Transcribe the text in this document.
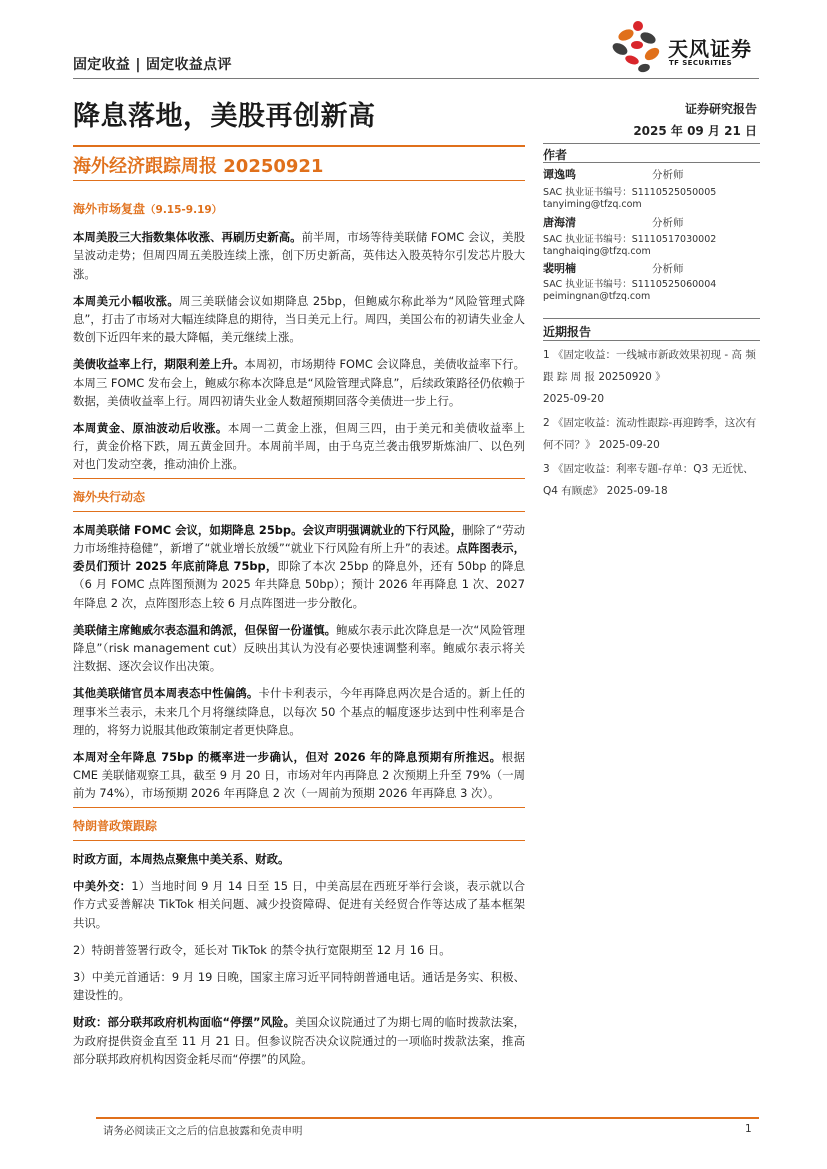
固定收益 | 固定收益点评
天风证券
TF SECURITIES
降息落地，美股再创新高
海外经济跟踪周报 20250921
证券研究报告
2025 年 09 月 21 日
作者
谭逸鸣	分析师
SAC 执业证书编号：S1110525050005
tanyiming@tfzq.com
唐海清	分析师
SAC 执业证书编号：S1110517030002
tanghaiqing@tfzq.com
裴明楠	分析师
SAC 执业证书编号：S1110525060004
peimingnan@tfzq.com
近期报告
1 《固定收益：一线城市新政效果初现 - 高 频 跟 踪 周 报 20250920 》
2025-09-20
2 《固定收益：流动性跟踪-再迎跨季，这次有何不同？》 2025-09-20
3 《固定收益：利率专题-存单：Q3 无近忧、Q4 有顾虑》 2025-09-18
海外市场复盘（9.15-9.19）

本周美股三大指数集体收涨、再刷历史新高。前半周，市场等待美联储 FOMC 会议，美股呈波动走势；但周四周五美股连续上涨，创下历史新高，英伟达入股英特尔引发芯片股大涨。

本周美元小幅收涨。周三美联储会议如期降息 25bp，但鲍威尔称此举为“风险管理式降息”，打击了市场对大幅连续降息的期待，当日美元上行。周四，美国公布的初请失业金人数创下近四年来的最大降幅，美元继续上涨。

美债收益率上行，期限利差上升。本周初，市场期待 FOMC 会议降息，美债收益率下行。本周三 FOMC 发布会上，鲍威尔称本次降息是“风险管理式降息”，后续政策路径仍依赖于数据，美债收益率上行。周四初请失业金人数超预期回落令美债进一步上行。

本周黄金、原油波动后收涨。本周一二黄金上涨，但周三四，由于美元和美债收益率上行，黄金价格下跌，周五黄金回升。本周前半周，由于乌克兰袭击俄罗斯炼油厂、以色列对也门发动空袭，推动油价上涨。

海外央行动态

本周美联储 FOMC 会议，如期降息 25bp。会议声明强调就业的下行风险，删除了“劳动力市场维持稳健”，新增了“就业增长放缓”“就业下行风险有所上升”的表述。点阵图表示，委员们预计 2025 年底前降息 75bp，即除了本次 25bp 的降息外，还有 50bp 的降息（6 月 FOMC 点阵图预测为 2025 年共降息 50bp）；预计 2026 年再降息 1 次、2027 年降息 2 次，点阵图形态上较 6 月点阵图进一步分散化。

美联储主席鲍威尔表态温和鸽派，但保留一份谨慎。鲍威尔表示此次降息是一次“风险管理降息”（risk management cut）反映出其认为没有必要快速调整利率。鲍威尔表示将关注数据、逐次会议作出决策。

其他美联储官员本周表态中性偏鸽。卡什卡利表示，今年再降息两次是合适的。新上任的理事米兰表示，未来几个月将继续降息，以每次 50 个基点的幅度逐步达到中性利率是合理的，将努力说服其他政策制定者更快降息。

本周对全年降息 75bp 的概率进一步确认，但对 2026 年的降息预期有所推迟。根据 CME 美联储观察工具，截至 9 月 20 日，市场对年内再降息 2 次预期上升至 79%（一周前为 74%），市场预期 2026 年再降息 2 次（一周前为预期 2026 年再降息 3 次）。

特朗普政策跟踪

时政方面，本周热点聚焦中美关系、财政。

中美外交：1）当地时间 9 月 14 日至 15 日，中美高层在西班牙举行会谈，表示就以合作方式妥善解决 TikTok 相关问题、减少投资障碍、促进有关经贸合作等达成了基本框架共识。

2）特朗普签署行政令，延长对 TikTok 的禁令执行宽限期至 12 月 16 日。

3）中美元首通话：9 月 19 日晚，国家主席习近平同特朗普通电话。通话是务实、积极、建设性的。

财政：部分联邦政府机构面临“停摆”风险。美国众议院通过了为期七周的临时拨款法案，为政府提供资金直至 11 月 21 日。但参议院否决众议院通过的一项临时拨款法案，推高部分联邦政府机构因资金耗尽而“停摆”的风险。

请务必阅读正文之后的信息披露和免责申明	1
